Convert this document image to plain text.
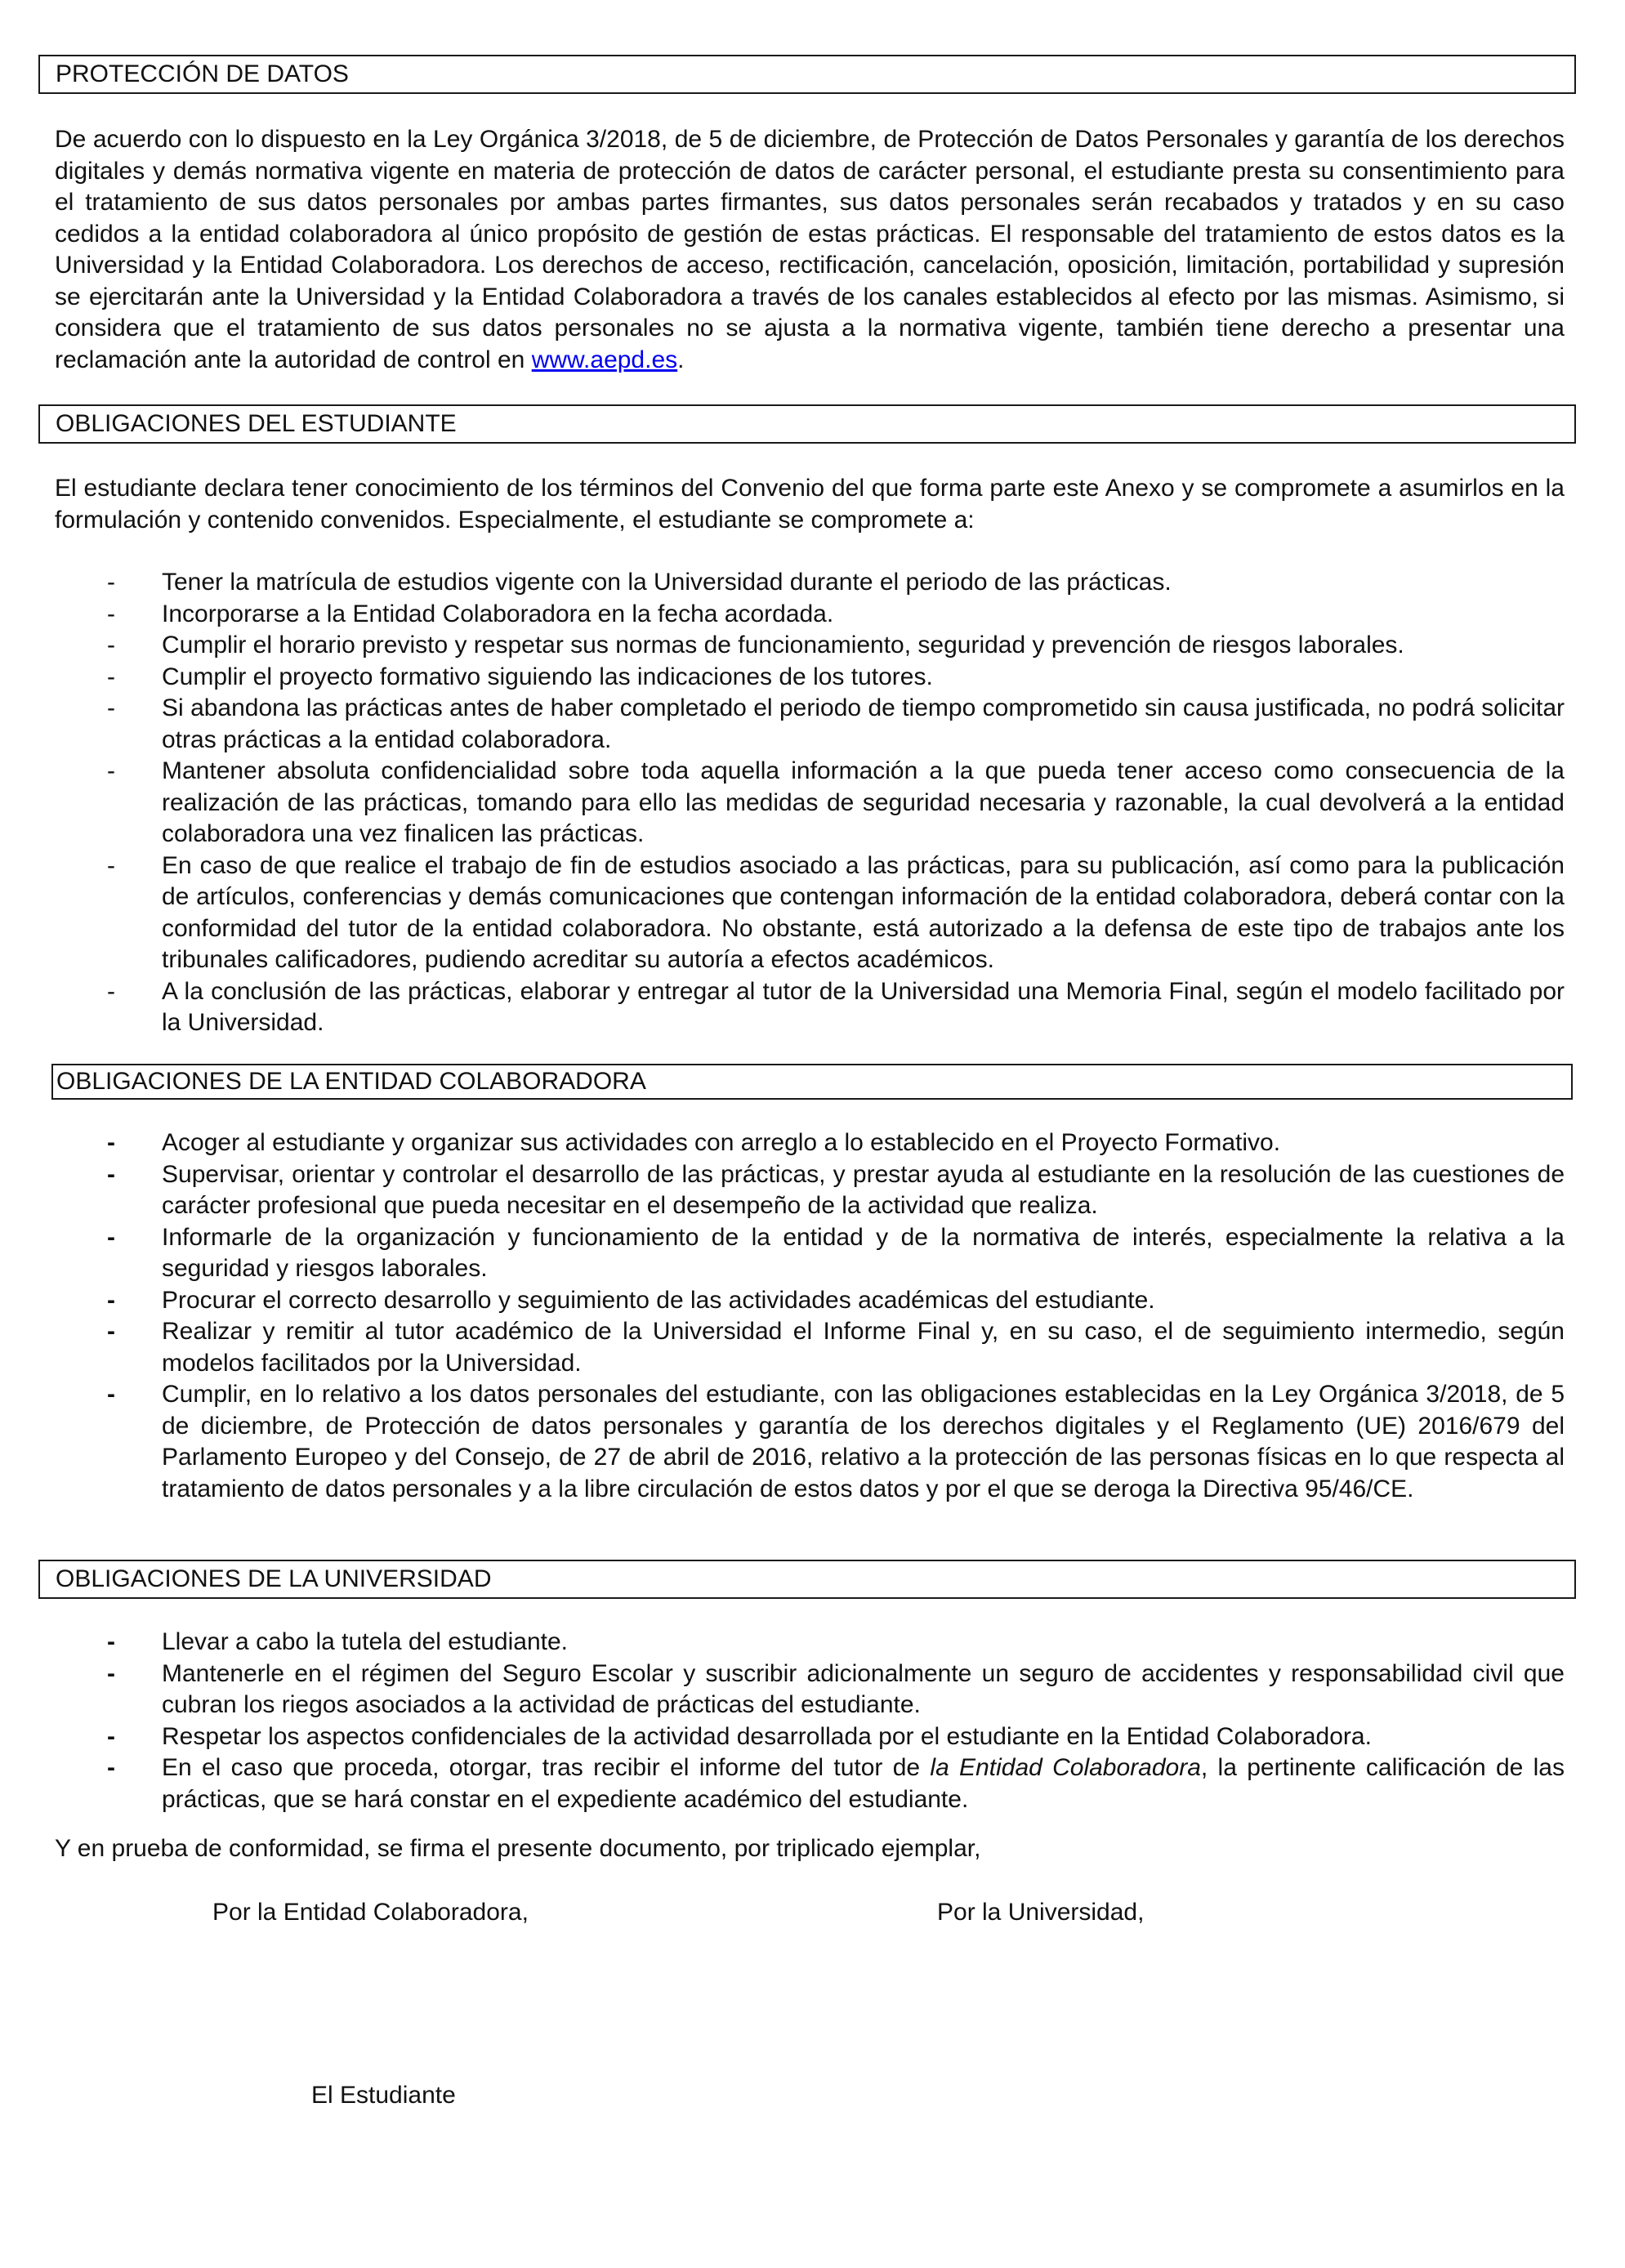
PROTECCIÓN DE DATOS
De acuerdo con lo dispuesto en la Ley Orgánica 3/2018, de 5 de diciembre, de Protección de Datos Personales y garantía de los derechos digitales y demás normativa vigente en materia de protección de datos de carácter personal, el estudiante presta su consentimiento para el tratamiento de sus datos personales por ambas partes firmantes, sus datos personales serán recabados y tratados y en su caso cedidos a la entidad colaboradora al único propósito de gestión de estas prácticas. El responsable del tratamiento de estos datos es la Universidad y la Entidad Colaboradora. Los derechos de acceso, rectificación, cancelación, oposición, limitación, portabilidad y supresión se ejercitarán ante la Universidad y la Entidad Colaboradora a través de los canales establecidos al efecto por las mismas. Asimismo, si considera que el tratamiento de sus datos personales no se ajusta a la normativa vigente, también tiene derecho a presentar una reclamación ante la autoridad de control en www.aepd.es.
OBLIGACIONES DEL ESTUDIANTE
El estudiante declara tener conocimiento de los términos del Convenio del que forma parte este Anexo y se compromete a asumirlos en la formulación y contenido convenidos. Especialmente, el estudiante se compromete a:
- Tener la matrícula de estudios vigente con la Universidad durante el periodo de las prácticas.
- Incorporarse a la Entidad Colaboradora en la fecha acordada.
- Cumplir el horario previsto y respetar sus normas de funcionamiento, seguridad y prevención de riesgos laborales.
- Cumplir el proyecto formativo siguiendo las indicaciones de los tutores.
- Si abandona las prácticas antes de haber completado el periodo de tiempo comprometido sin causa justificada, no podrá solicitar otras prácticas a la entidad colaboradora.
- Mantener absoluta confidencialidad sobre toda aquella información a la que pueda tener acceso como consecuencia de la realización de las prácticas, tomando para ello las medidas de seguridad necesaria y razonable, la cual devolverá a la entidad colaboradora una vez finalicen las prácticas.
- En caso de que realice el trabajo de fin de estudios asociado a las prácticas, para su publicación, así como para la publicación de artículos, conferencias y demás comunicaciones que contengan información de la entidad colaboradora, deberá contar con la conformidad del tutor de la entidad colaboradora. No obstante, está autorizado a la defensa de este tipo de trabajos ante los tribunales calificadores, pudiendo acreditar su autoría a efectos académicos.
- A la conclusión de las prácticas, elaborar y entregar al tutor de la Universidad una Memoria Final, según el modelo facilitado por la Universidad.
OBLIGACIONES DE LA ENTIDAD COLABORADORA
- Acoger al estudiante y organizar sus actividades con arreglo a lo establecido en el Proyecto Formativo.
- Supervisar, orientar y controlar el desarrollo de las prácticas, y prestar ayuda al estudiante en la resolución de las cuestiones de carácter profesional que pueda necesitar en el desempeño de la actividad que realiza.
- Informarle de la organización y funcionamiento de la entidad y de la normativa de interés, especialmente la relativa a la seguridad y riesgos laborales.
- Procurar el correcto desarrollo y seguimiento de las actividades académicas del estudiante.
- Realizar y remitir al tutor académico de la Universidad el Informe Final y, en su caso, el de seguimiento intermedio, según modelos facilitados por la Universidad.
- Cumplir, en lo relativo a los datos personales del estudiante, con las obligaciones establecidas en la Ley Orgánica 3/2018, de 5 de diciembre, de Protección de datos personales y garantía de los derechos digitales y el Reglamento (UE) 2016/679 del Parlamento Europeo y del Consejo, de 27 de abril de 2016, relativo a la protección de las personas físicas en lo que respecta al tratamiento de datos personales y a la libre circulación de estos datos y por el que se deroga la Directiva 95/46/CE.
OBLIGACIONES DE LA UNIVERSIDAD
- Llevar a cabo la tutela del estudiante.
- Mantenerle en el régimen del Seguro Escolar y suscribir adicionalmente un seguro de accidentes y responsabilidad civil que cubran los riegos asociados a la actividad de prácticas del estudiante.
- Respetar los aspectos confidenciales de la actividad desarrollada por el estudiante en la Entidad Colaboradora.
- En el caso que proceda, otorgar, tras recibir el informe del tutor de la Entidad Colaboradora, la pertinente calificación de las prácticas, que se hará constar en el expediente académico del estudiante.
Y en prueba de conformidad, se firma el presente documento, por triplicado ejemplar,
Por la Entidad Colaboradora,	Por la Universidad,
El Estudiante
